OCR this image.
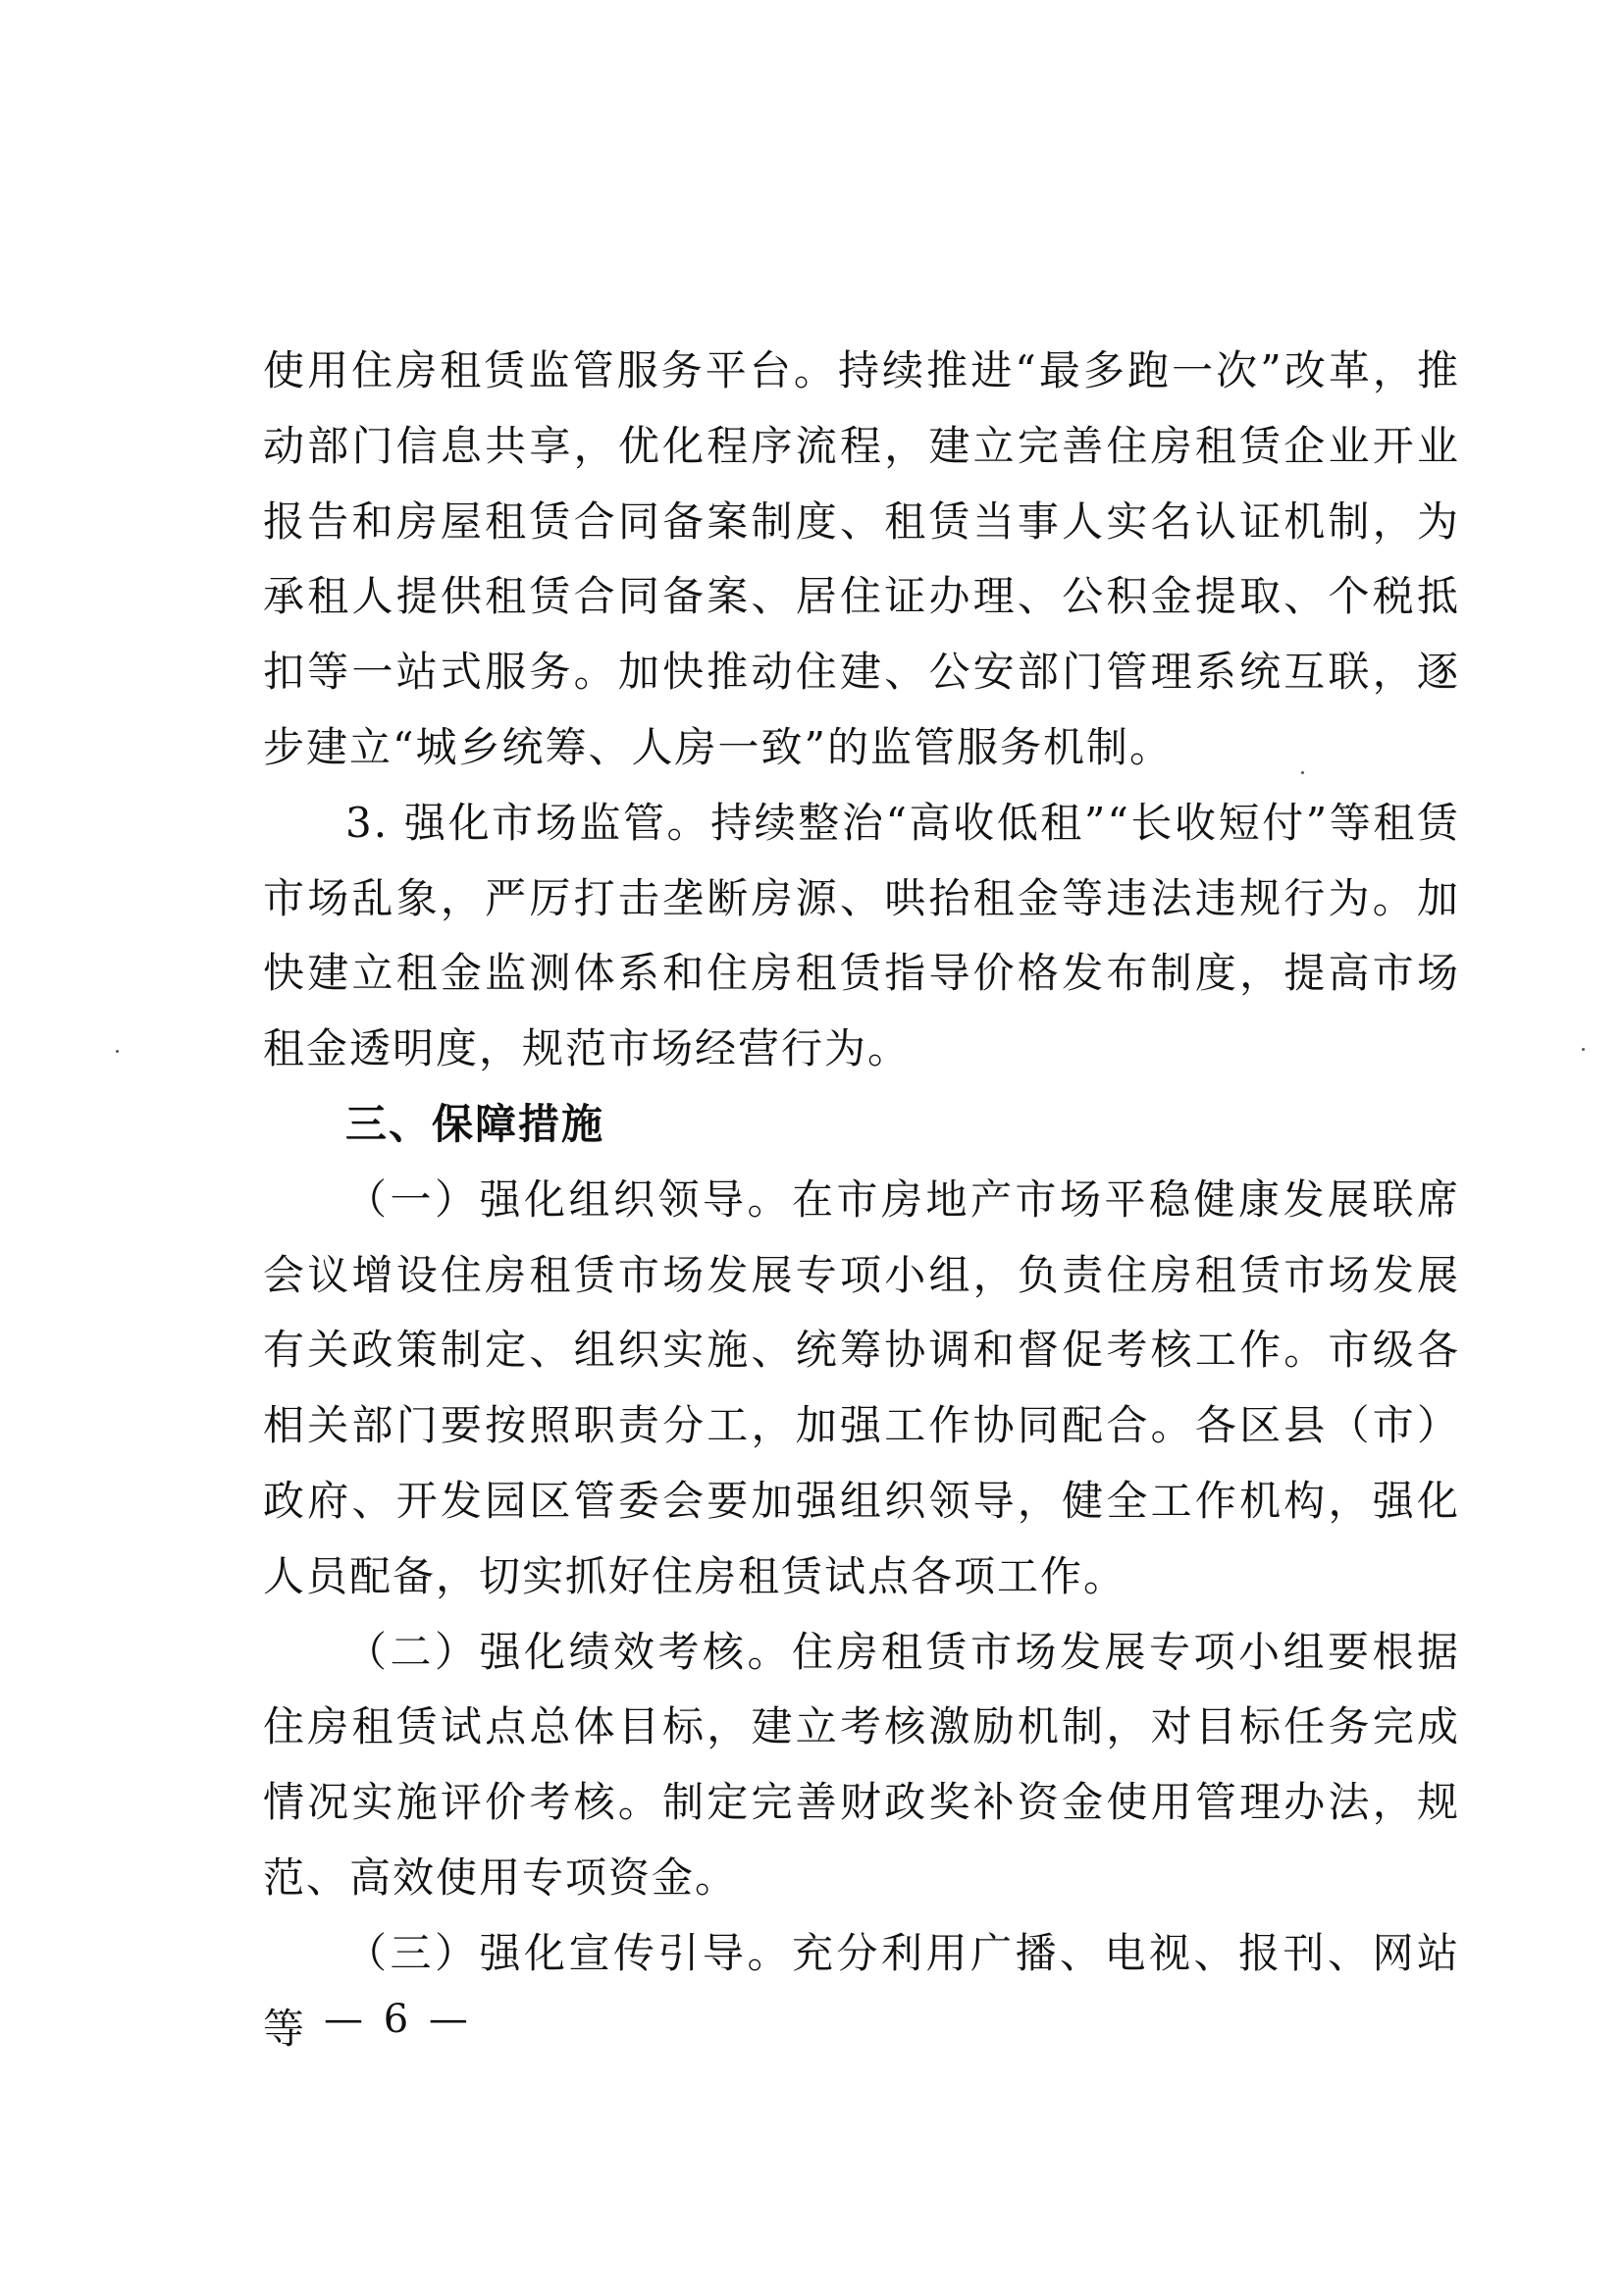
使用住房租赁监管服务平台。持续推进“最多跑一次”改革，推动部门信息共享，优化程序流程，建立完善住房租赁企业开业报告和房屋租赁合同备案制度、租赁当事人实名认证机制，为承租人提供租赁合同备案、居住证办理、公积金提取、个税抵扣等一站式服务。加快推动住建、公安部门管理系统互联，逐步建立“城乡统筹、人房一致”的监管服务机制。

3. 强化市场监管。持续整治“高收低租”“长收短付”等租赁市场乱象，严厉打击垄断房源、哄抬租金等违法违规行为。加快建立租金监测体系和住房租赁指导价格发布制度，提高市场租金透明度，规范市场经营行为。

三、保障措施

（一）强化组织领导。在市房地产市场平稳健康发展联席会议增设住房租赁市场发展专项小组，负责住房租赁市场发展有关政策制定、组织实施、统筹协调和督促考核工作。市级各相关部门要按照职责分工，加强工作协同配合。各区县（市）政府、开发园区管委会要加强组织领导，健全工作机构，强化人员配备，切实抓好住房租赁试点各项工作。

（二）强化绩效考核。住房租赁市场发展专项小组要根据住房租赁试点总体目标，建立考核激励机制，对目标任务完成情况实施评价考核。制定完善财政奖补资金使用管理办法，规范、高效使用专项资金。

（三）强化宣传引导。充分利用广播、电视、报刊、网站等 — 6 —
